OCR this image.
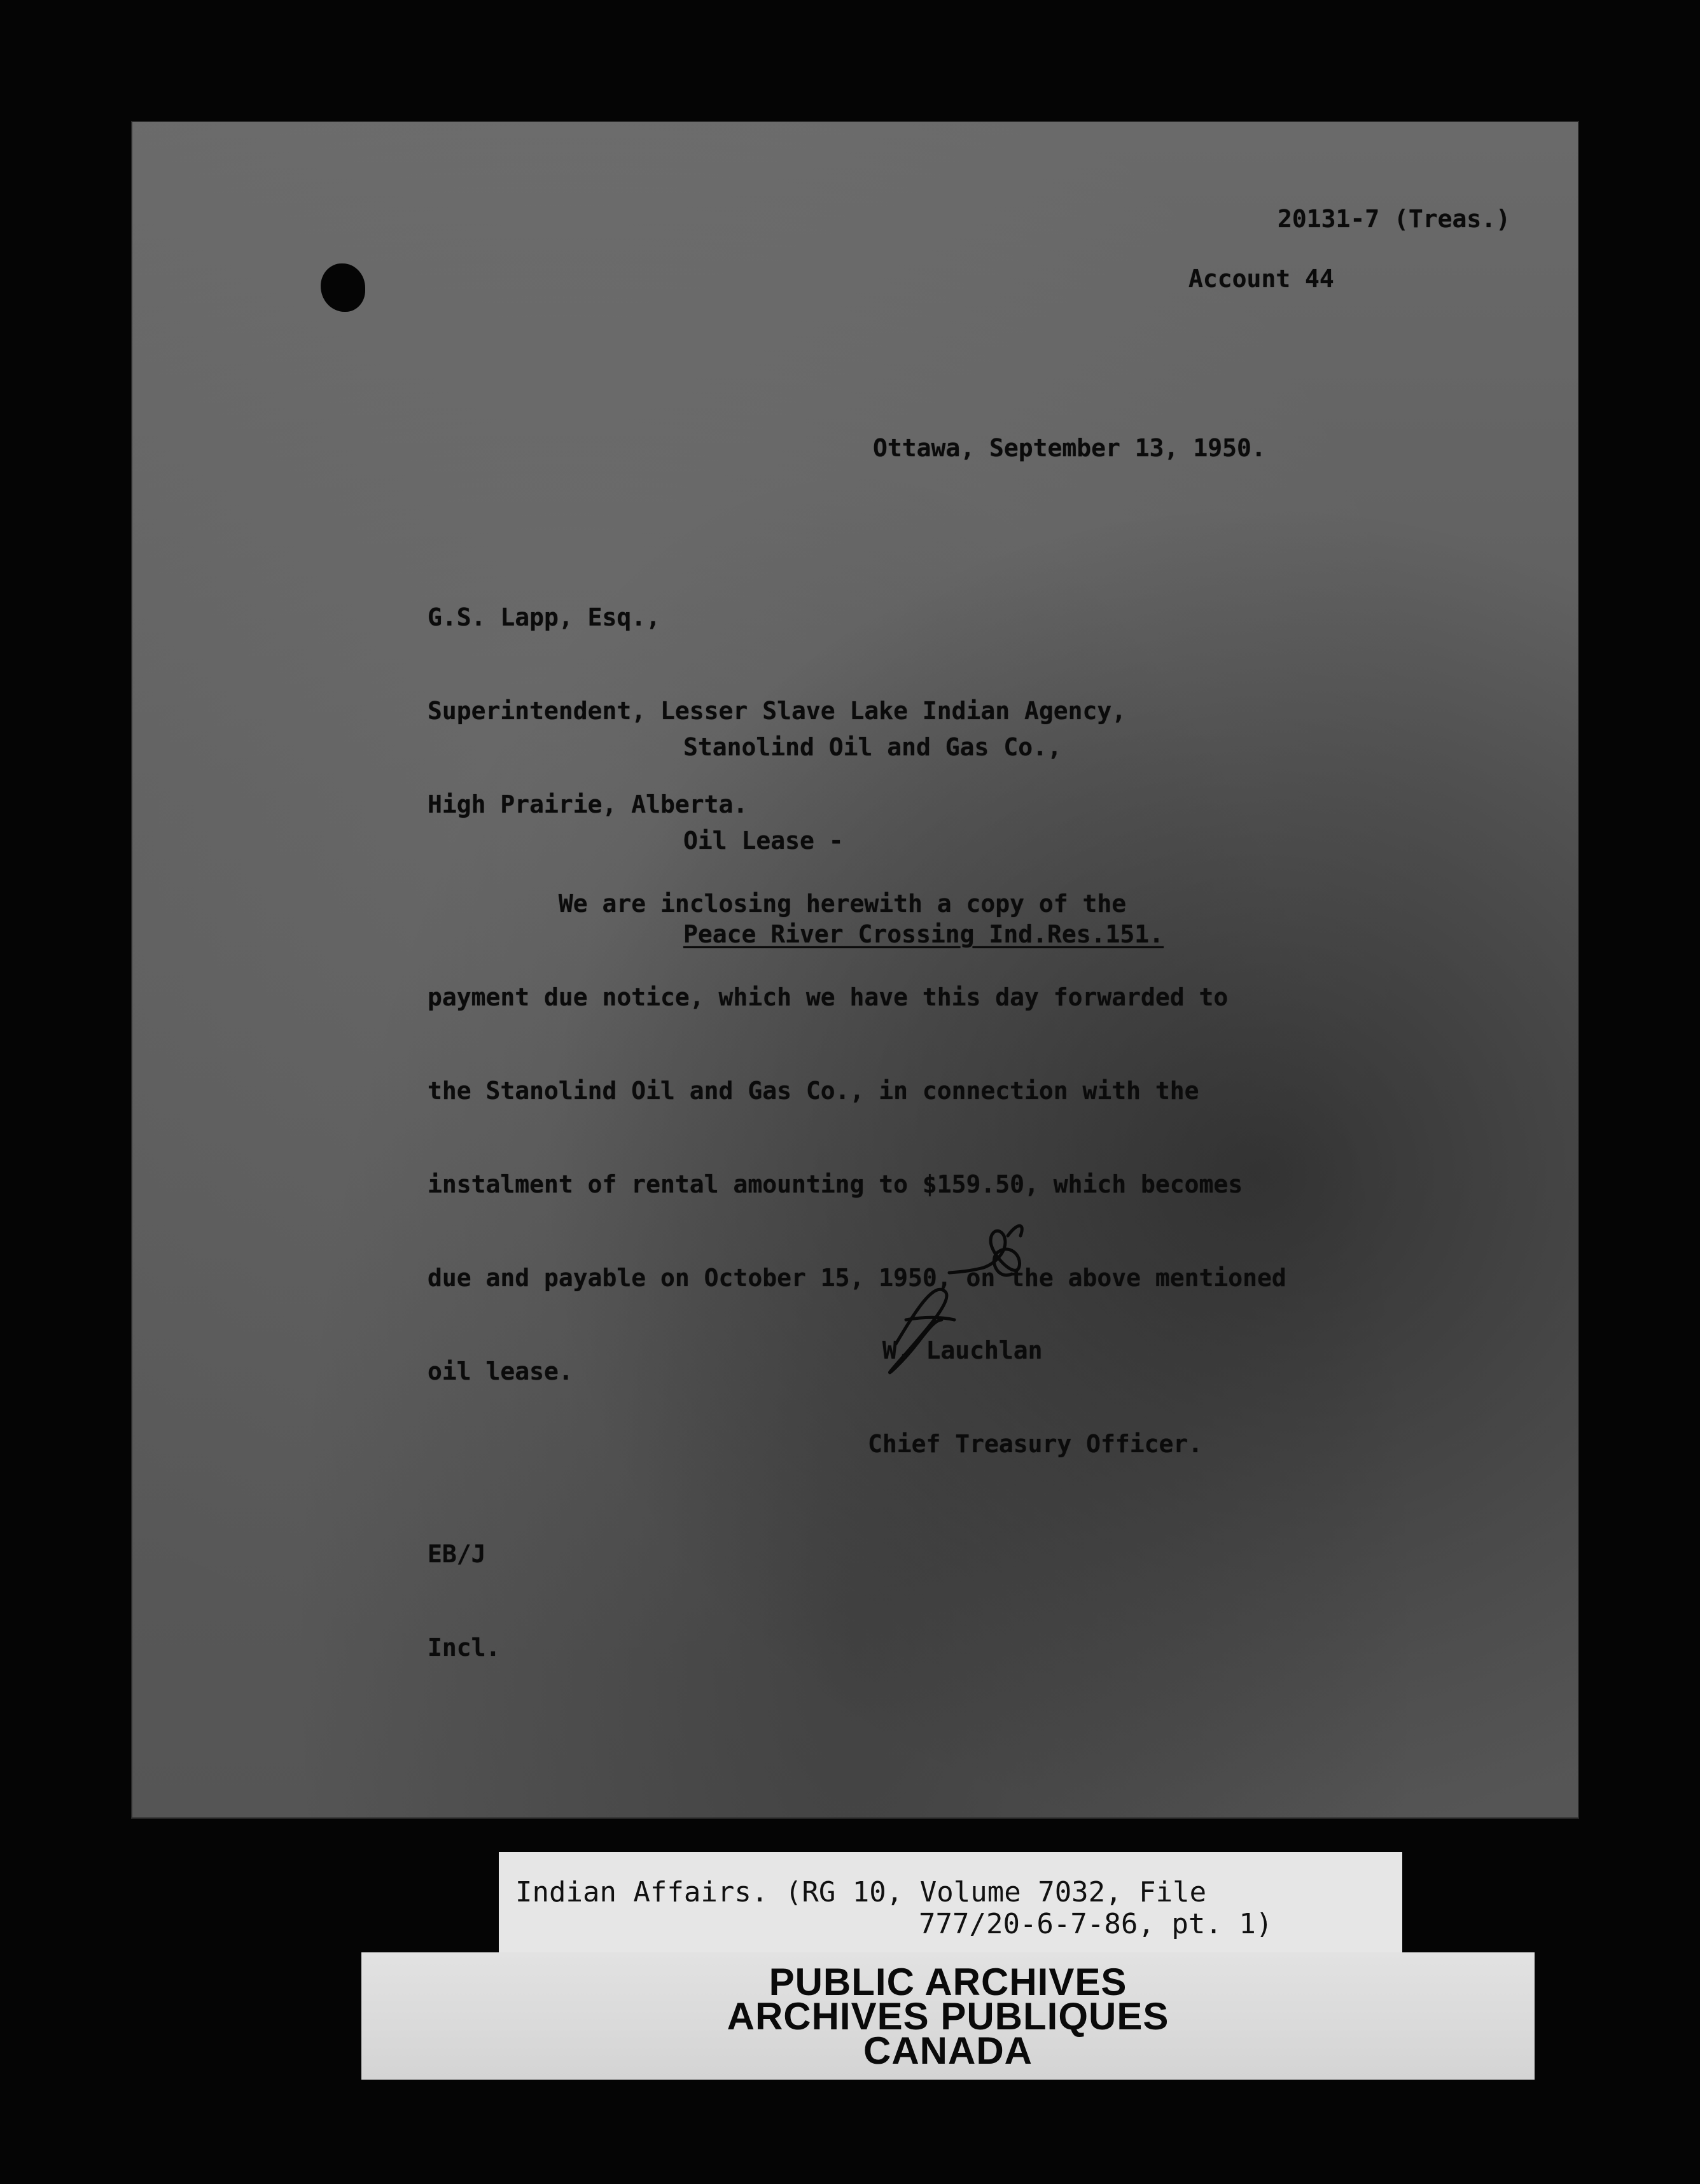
20131-7 (Treas.)
Account 44
Ottawa, September 13, 1950.

G.S. Lapp, Esq.,

Superintendent, Lesser Slave Lake Indian Agency,

High Prairie, Alberta.

Stanolind Oil and Gas Co.,

Oil Lease -

Peace River Crossing Ind.Res.151.

We are inclosing herewith a copy of the

payment due notice, which we have this day forwarded to

the Stanolind Oil and Gas Co., in connection with the

instalment of rental amounting to $159.50, which becomes

due and payable on October 15, 1950, on the above mentioned

oil lease.

W. Lauchlan

Chief Treasury Officer.

EB/J

Incl.

Indian Affairs. (RG 10, Volume 7032, File
777/20-6-7-86, pt. 1)
PUBLIC ARCHIVES
ARCHIVES PUBLIQUES
CANADA
